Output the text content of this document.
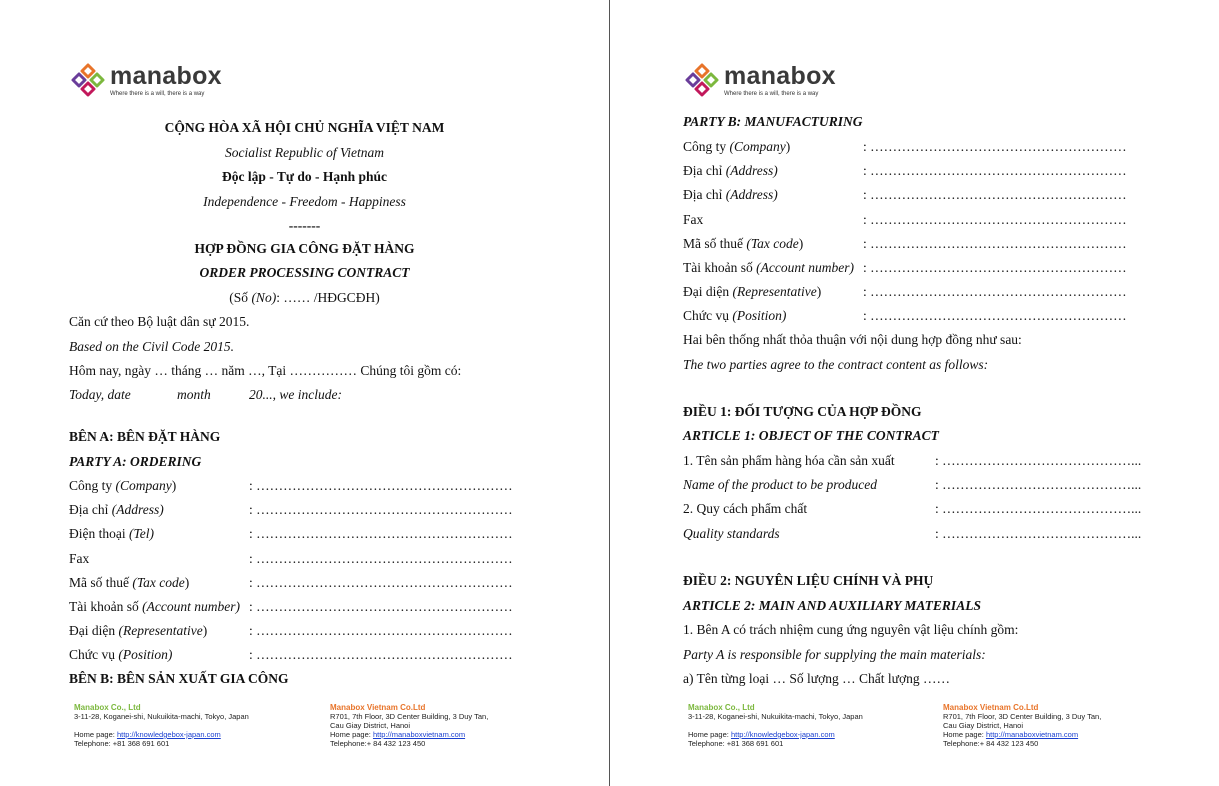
manabox
Where there is a will, there is a way
CỘNG HÒA XÃ HỘI CHỦ NGHĨA VIỆT NAM
Socialist Republic of Vietnam
Độc lập - Tự do - Hạnh phúc
Independence - Freedom - Happiness
-------
HỢP ĐỒNG GIA CÔNG ĐẶT HÀNG
ORDER PROCESSING CONTRACT
(Số (No): …… /HĐGCĐH)
Căn cứ theo Bộ luật dân sự 2015.
Based on the Civil Code 2015.
Hôm nay, ngày … tháng … năm …, Tại …………… Chúng tôi gồm có:
Today, date	month	20..., we include:
BÊN A: BÊN ĐẶT HÀNG
PARTY A: ORDERING
Công ty (Company)	: …………………………………………………
Địa chỉ (Address)	: …………………………………………………
Điện thoại (Tel)	: …………………………………………………
Fax	: …………………………………………………
Mã số thuế (Tax code)	: …………………………………………………
Tài khoản số (Account number) : …………………………………………………
Đại diện (Representative)	: …………………………………………………
Chức vụ (Position)	: …………………………………………………
BÊN B: BÊN SẢN XUẤT GIA CÔNG
Manabox Co., Ltd
3-11-28, Koganei-shi, Nukuikita-machi, Tokyo, Japan
Home page: http://knowledgebox-japan.com
Telephone: +81 368 691 601
Manabox Vietnam Co.Ltd
R701, 7th Floor, 3D Center Building, 3 Duy Tan,
Cau Giay District, Hanoi
Home page: http://manaboxvietnam.com
Telephone:+ 84 432 123 450
manabox
Where there is a will, there is a way
PARTY B: MANUFACTURING
Công ty (Company)	: …………………………………………………
Địa chỉ (Address)	: …………………………………………………
Địa chỉ (Address)	: …………………………………………………
Fax	: …………………………………………………
Mã số thuế (Tax code)	: …………………………………………………
Tài khoản số (Account number) : …………………………………………………
Đại diện (Representative)	: …………………………………………………
Chức vụ (Position)	: …………………………………………………
Hai bên thống nhất thỏa thuận với nội dung hợp đồng như sau:
The two parties agree to the contract content as follows:
ĐIỀU 1: ĐỐI TƯỢNG CỦA HỢP ĐỒNG
ARTICLE 1: OBJECT OF THE CONTRACT
1. Tên sản phẩm hàng hóa cần sản xuất	: ……………………………………...
Name of the product to be produced	: ……………………………………...
2. Quy cách phẩm chất	: ……………………………………...
Quality standards	: ……………………………………...
ĐIỀU 2: NGUYÊN LIỆU CHÍNH VÀ PHỤ
ARTICLE 2: MAIN AND AUXILIARY MATERIALS
1. Bên A có trách nhiệm cung ứng nguyên vật liệu chính gồm:
Party A is responsible for supplying the main materials:
a) Tên từng loại … Số lượng … Chất lượng ……
Manabox Co., Ltd
3-11-28, Koganei-shi, Nukuikita-machi, Tokyo, Japan
Home page: http://knowledgebox-japan.com
Telephone: +81 368 691 601
Manabox Vietnam Co.Ltd
R701, 7th Floor, 3D Center Building, 3 Duy Tan,
Cau Giay District, Hanoi
Home page: http://manaboxvietnam.com
Telephone:+ 84 432 123 450
